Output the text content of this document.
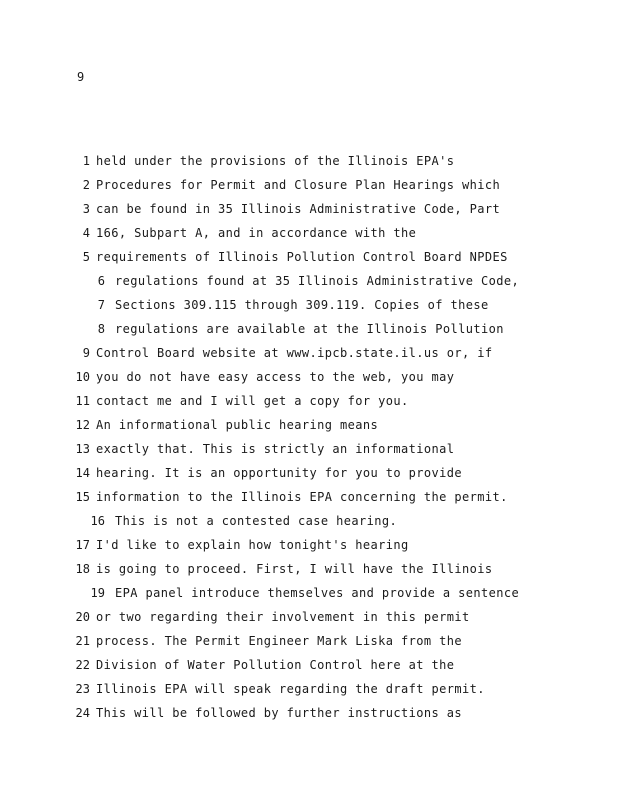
9
1 held under the provisions of the Illinois EPA's
2 Procedures for Permit and Closure Plan Hearings which
3 can be found in 35 Illinois Administrative Code, Part
4 166, Subpart A, and in accordance with the
5 requirements of Illinois Pollution Control Board NPDES
6 regulations found at 35 Illinois Administrative Code,
7 Sections 309.115 through 309.119. Copies of these
8 regulations are available at the Illinois Pollution
9 Control Board website at www.ipcb.state.il.us or, if
10 you do not have easy access to the web, you may
11 contact me and I will get a copy for you.
12 An informational public hearing means
13 exactly that. This is strictly an informational
14 hearing. It is an opportunity for you to provide
15 information to the Illinois EPA concerning the permit.
16 This is not a contested case hearing.
17 I'd like to explain how tonight's hearing
18 is going to proceed. First, I will have the Illinois
19 EPA panel introduce themselves and provide a sentence
20 or two regarding their involvement in this permit
21 process. The Permit Engineer Mark Liska from the
22 Division of Water Pollution Control here at the
23 Illinois EPA will speak regarding the draft permit.
24 This will be followed by further instructions as
